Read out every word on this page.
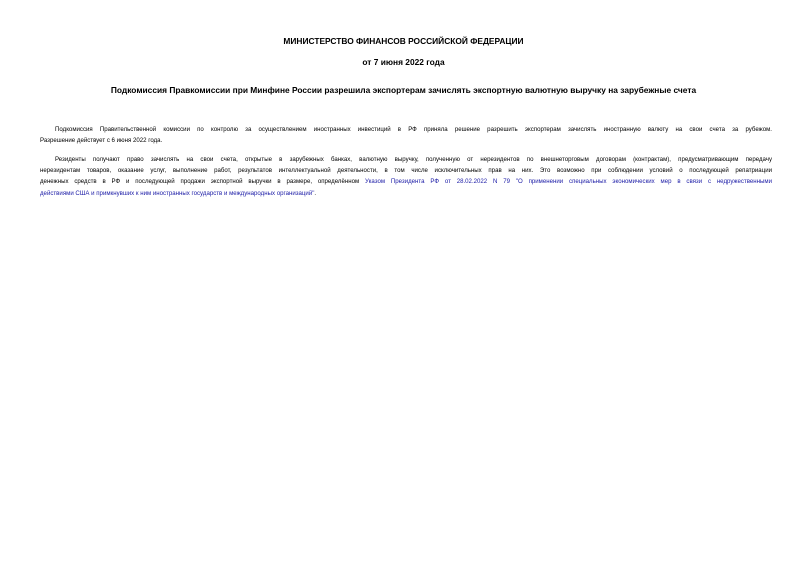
МИНИСТЕРСТВО ФИНАНСОВ РОССИЙСКОЙ ФЕДЕРАЦИИ
от 7 июня 2022 года
Подкомиссия Правкомиссии при Минфине России разрешила экспортерам зачислять экспортную валютную выручку на зарубежные счета
Подкомиссия Правительственной комиссии по контролю за осуществлением иностранных инвестиций в РФ приняла решение разрешить экспортерам зачислять иностранную валюту на свои счета за рубежом.
Разрешение действует с 6 июня 2022 года.
Резиденты получают право зачислять на свои счета, открытые в зарубежных банках, валютную выручку, полученную от нерезидентов по внешнеторговым договорам (контрактам), предусматривающим передачу
нерезидентам товаров, оказание услуг, выполнение работ, результатов интеллектуальной деятельности, в том числе исключительных прав на них. Это возможно при соблюдении условий о последующей репатриации
денежных средств в РФ и последующей продажи экспортной выручки в размере, определённом Указом Президента РФ от 28.02.2022 N 79 "О применении специальных экономических мер в связи с недружественными
действиями США и примкнувших к ним иностранных государств и международных организаций".
